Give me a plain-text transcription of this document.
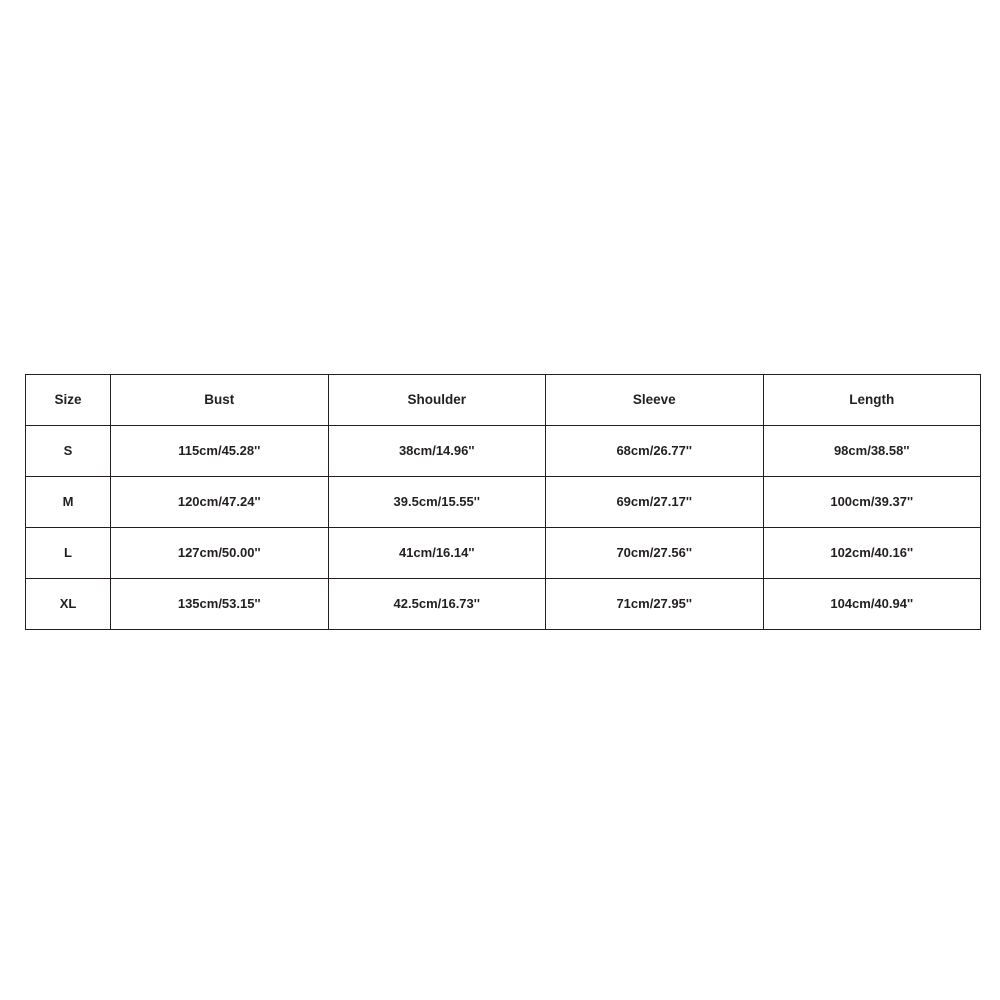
Size	Bust	Shoulder	Sleeve	Length
S	115cm/45.28''	38cm/14.96''	68cm/26.77''	98cm/38.58''
M	120cm/47.24''	39.5cm/15.55''	69cm/27.17''	100cm/39.37''
L	127cm/50.00''	41cm/16.14''	70cm/27.56''	102cm/40.16''
XL	135cm/53.15''	42.5cm/16.73''	71cm/27.95''	104cm/40.94''
